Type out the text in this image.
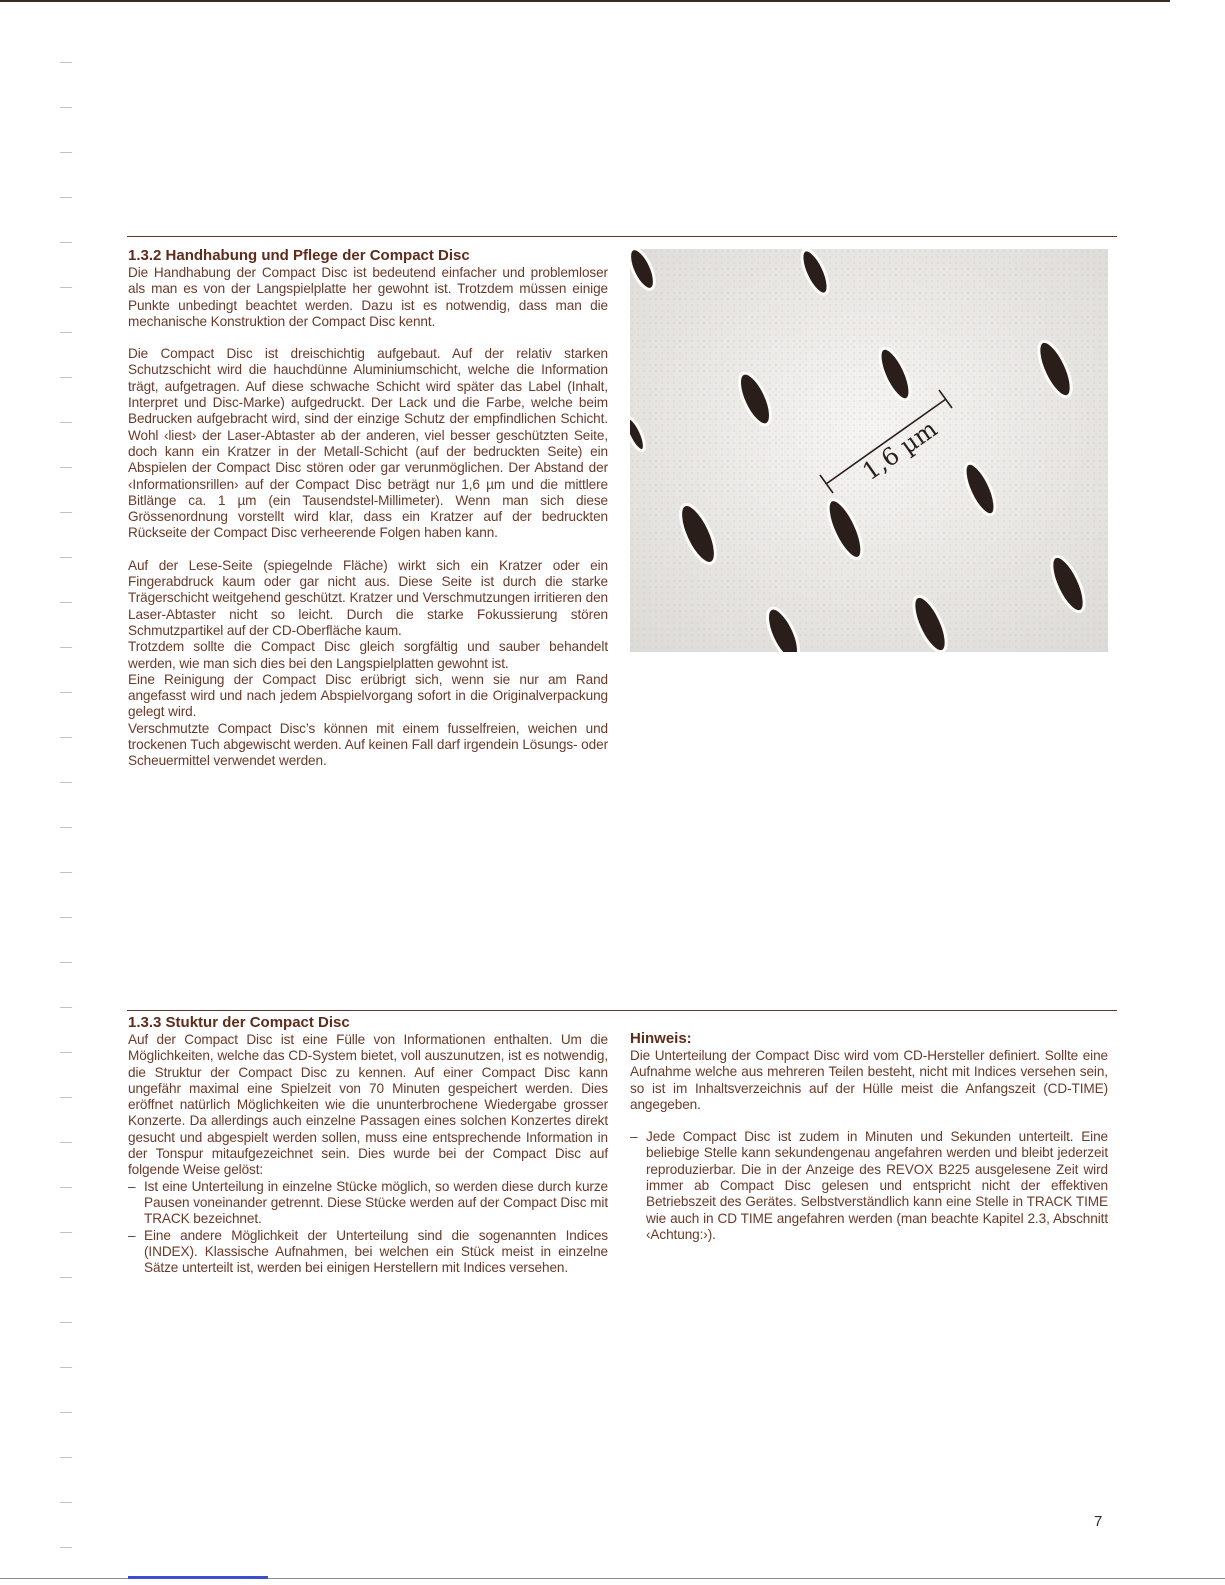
1.3.2 Handhabung und Pflege der Compact Disc

Die Handhabung der Compact Disc ist bedeutend einfacher und problemloser als man es von der Langspielplatte her gewohnt ist. Trotzdem müssen einige Punkte unbedingt beachtet werden. Dazu ist es notwendig, dass man die mechanische Konstruktion der Compact Disc kennt.

Die Compact Disc ist dreischichtig aufgebaut. Auf der relativ starken Schutzschicht wird die hauchdünne Aluminiumschicht, welche die Information trägt, aufgetragen. Auf diese schwache Schicht wird später das Label (Inhalt, Interpret und Disc-Marke) aufgedruckt. Der Lack und die Farbe, welche beim Bedrucken aufgebracht wird, sind der einzige Schutz der empfindlichen Schicht. Wohl ‹liest› der Laser-Abtaster ab der anderen, viel besser geschützten Seite, doch kann ein Kratzer in der Metall-Schicht (auf der bedruckten Seite) ein Abspielen der Compact Disc stören oder gar verunmöglichen. Der Abstand der ‹Informationsrillen› auf der Compact Disc beträgt nur 1,6 µm und die mittlere Bitlänge ca. 1 µm (ein Tausendstel-Millimeter). Wenn man sich diese Grössenordnung vorstellt wird klar, dass ein Kratzer auf der bedruckten Rückseite der Compact Disc verheerende Folgen haben kann.

Auf der Lese-Seite (spiegelnde Fläche) wirkt sich ein Kratzer oder ein Fingerabdruck kaum oder gar nicht aus. Diese Seite ist durch die starke Trägerschicht weitgehend geschützt. Kratzer und Verschmutzungen irritieren den Laser-Abtaster nicht so leicht. Durch die starke Fokussierung stören Schmutzpartikel auf der CD-Oberfläche kaum.

Trotzdem sollte die Compact Disc gleich sorgfältig und sauber behandelt werden, wie man sich dies bei den Langspielplatten gewohnt ist.

Eine Reinigung der Compact Disc erübrigt sich, wenn sie nur am Rand angefasst wird und nach jedem Abspielvorgang sofort in die Originalverpackung gelegt wird.

Verschmutzte Compact Disc’s können mit einem fusselfreien, weichen und trockenen Tuch abgewischt werden. Auf keinen Fall darf irgendein Lösungs- oder Scheuermittel verwendet werden.

1,6 µm
1.3.3 Stuktur der Compact Disc

Auf der Compact Disc ist eine Fülle von Informationen enthalten. Um die Möglichkeiten, welche das CD-System bietet, voll auszunutzen, ist es notwendig, die Struktur der Compact Disc zu kennen. Auf einer Compact Disc kann ungefähr maximal eine Spielzeit von 70 Minuten gespeichert werden. Dies eröffnet natürlich Möglichkeiten wie die ununterbrochene Wiedergabe grosser Konzerte. Da allerdings auch einzelne Passagen eines solchen Konzertes direkt gesucht und abgespielt werden sollen, muss eine entsprechende Information in der Tonspur mitaufgezeichnet sein. Dies wurde bei der Compact Disc auf folgende Weise gelöst:

– Ist eine Unterteilung in einzelne Stücke möglich, so werden diese durch kurze Pausen voneinander getrennt. Diese Stücke werden auf der Compact Disc mit TRACK bezeichnet.
– Eine andere Möglichkeit der Unterteilung sind die sogenannten Indices (INDEX). Klassische Aufnahmen, bei welchen ein Stück meist in einzelne Sätze unterteilt ist, werden bei einigen Herstellern mit Indices versehen.
Hinweis:

Die Unterteilung der Compact Disc wird vom CD-Hersteller definiert. Sollte eine Aufnahme welche aus mehreren Teilen besteht, nicht mit Indices versehen sein, so ist im Inhaltsverzeichnis auf der Hülle meist die Anfangszeit (CD-TIME) angegeben.

– Jede Compact Disc ist zudem in Minuten und Sekunden unterteilt. Eine beliebige Stelle kann sekundengenau angefahren werden und bleibt jederzeit reproduzierbar. Die in der Anzeige des REVOX B225 ausgelesene Zeit wird immer ab Compact Disc gelesen und entspricht nicht der effektiven Betriebszeit des Gerätes. Selbstverständlich kann eine Stelle in TRACK TIME wie auch in CD TIME angefahren werden (man beachte Kapitel 2.3, Abschnitt ‹Achtung:›).
7
